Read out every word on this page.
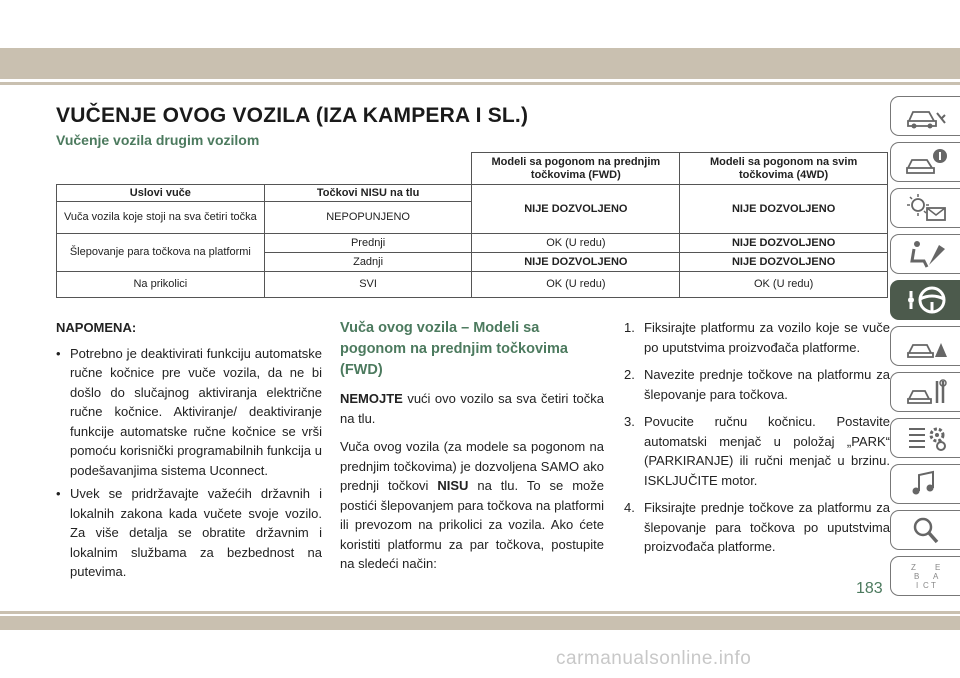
VUČENJE OVOG VOZILA (IZA KAMPERA I SL.)
Vučenje vozila drugim vozilom
		Modeli sa pogonom na prednjim točkovima (FWD)	Modeli sa pogonom na svim točkovima (4WD)
Uslovi vuče	Točkovi NISU na tlu	NIJE DOZVOLJENO	NIJE DOZVOLJENO
Vuča vozila koje stoji na sva četiri točka	NEPOPUNJENO		
Šlepovanje para točkova na platformi	Prednji	OK (U redu)	NIJE DOZVOLJENO
	Zadnji	NIJE DOZVOLJENO	NIJE DOZVOLJENO
Na prikolici	SVI	OK (U redu)	OK (U redu)
NAPOMENA:
• Potrebno je deaktivirati funkciju automatske ručne kočnice pre vuče vozila, da ne bi došlo do slučajnog aktiviranja električne ručne kočnice. Aktiviranje/ deaktiviranje funkcije automatske ručne kočnice se vrši pomoću korisnički programabilnih funkcija u podešavanjima sistema Uconnect.
• Uvek se pridržavajte važećih državnih i lokalnih zakona kada vučete svoje vozilo. Za više detalja se obratite državnim i lokalnim službama za bezbednost na putevima.
Vuča ovog vozila – Modeli sa pogonom na prednjim točkovima (FWD)
NEMOJTE vući ovo vozilo sa sva četiri točka na tlu.
Vuča ovog vozila (za modele sa pogonom na prednjim točkovima) je dozvoljena SAMO ako prednji točkovi NISU na tlu. To se može postići šlepovanjem para točkova na platformi ili prevozom na prikolici za vozila. Ako ćete koristiti platformu za par točkova, postupite na sledeći način:
1. Fiksirajte platformu za vozilo koje se vuče po uputstvima proizvođača platforme.
2. Navezite prednje točkove na platformu za šlepovanje para točkova.
3. Povucite ručnu kočnicu. Postavite automatski menjač u položaj „PARK“ (PARKIRANJE) ili ručni menjač u brzinu. ISKLJUČITE motor.
4. Fiksirajte prednje točkove za platformu za šlepovanje para točkova po uputstvima proizvođača platforme.
Z E
B A
I C T
183
carmanualsonline.info
